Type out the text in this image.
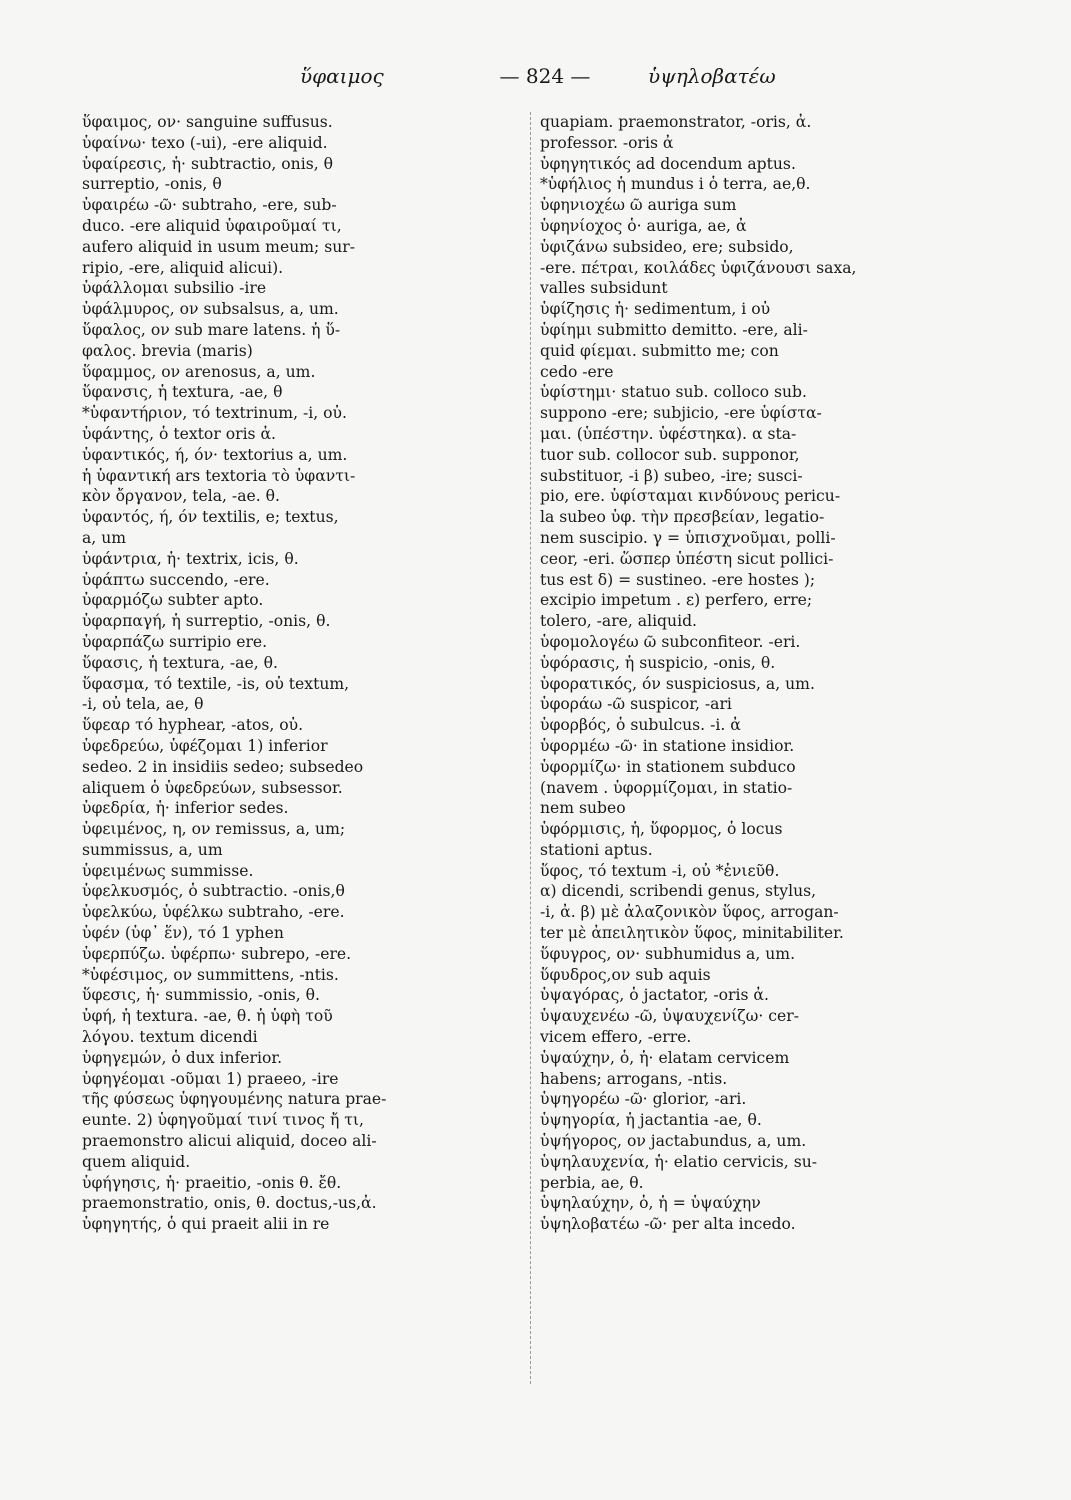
ὕφαιμος	— 824 —	ὑψηλοβατέω
ὕφαιμος, ον· sanguine suffusus.
ὑφαίνω· texo (-ui), -ere aliquid.
ὑφαίρεσις, ἡ· subtractio, onis, θ
surreptio, -onis, θ
ὑφαιρέω -ῶ· subtraho, -ere, sub-
duco. -ere aliquid ὑφαιροῦμαί τι,
aufero aliquid in usum meum; sur-
ripio, -ere, aliquid alicui).
ὑφάλλομαι subsilio -ire
ὑφάλμυρος, ον subsalsus, a, um.
ὕφαλος, ον sub mare latens. ἡ ὕ-
φαλος. brevia (maris)
ὕφαμμος, ον arenosus, a, um.
ὕφανσις, ἡ textura, -ae, θ
*ὑφαντήριον, τό textrinum, -i, οὐ.
ὑφάντης, ὁ textor oris ἀ.
ὑφαντικός, ή, όν· textorius a, um.
ἡ ὑφαντική ars textoria τὸ ὑφαντι-
κὸν ὄργανον, tela, -ae. θ.
ὑφαντός, ή, όν textilis, e; textus,
a, um
ὑφάντρια, ἡ· textrix, icis, θ.
ὑφάπτω succendo, -ere.
ὑφαρμόζω subter apto.
ὑφαρπαγή, ἡ surreptio, -onis, θ.
ὑφαρπάζω surripio ere.
ὕφασις, ἡ textura, -ae, θ.
ὕφασμα, τό textile, -is, οὐ textum,
-i, οὐ tela, ae, θ
ὕφεαρ τό hyphear, -atos, οὐ.
ὑφεδρεύω, ὑφέζομαι 1) inferior
sedeo. 2 in insidiis sedeo; subsedeo
aliquem ὁ ὑφεδρεύων, subsessor.
ὑφεδρία, ἡ· inferior sedes.
ὑφειμένος, η, ον remissus, a, um;
summissus, a, um
ὑφειμένως summisse.
ὑφελκυσμός, ὁ subtractio. -onis,θ
ὑφελκύω, ὑφέλκω subtraho, -ere.
ὑφέν (ὑφ᾽ ἕν), τό 1 yphen
ὑφερπύζω. ὑφέρπω· subrepo, -ere.
*ὑφέσιμος, ον summittens, -ntis.
ὕφεσις, ἡ· summissio, -onis, θ.
ὑφή, ἡ textura. -ae, θ. ἡ ὑφὴ τοῦ
λόγου. textum dicendi
ὑφηγεμών, ὁ dux inferior.
ὑφηγέομαι -οῦμαι 1) praeeo, -ire
τῆς φύσεως ὑφηγουμένης natura prae-
eunte. 2) ὑφηγοῦμαί τινί τινος ἤ τι,
praemonstro alicui aliquid, doceo ali-
quem aliquid.
ὑφήγησις, ἡ· praeitio, -onis θ. ἔθ.
praemonstratio, onis, θ. doctus,-us,ἀ.
ὑφηγητής, ὁ qui praeit alii in re
quapiam. praemonstrator, -oris, ἀ.
professor. -oris ἀ
ὑφηγητικός ad docendum aptus.
*ὑφήλιος ἡ mundus i ὁ terra, ae,θ.
ὑφηνιοχέω ῶ auriga sum
ὑφηνίοχος ὁ· auriga, ae, ἀ
ὑφιζάνω subsideo, ere; subsido,
-ere. πέτραι, κοιλάδες ὑφιζάνουσι saxa,
valles subsidunt
ὑφίζησις ἡ· sedimentum, i οὐ
ὑφίημι submitto demitto. -ere, ali-
quid φίεμαι. submitto me; con
cedo -ere
ὑφίστημι· statuo sub. colloco sub.
suppono -ere; subjicio, -ere ὑφίστα-
μαι. (ὑπέστην. ὑφέστηκα). α sta-
tuor sub. collocor sub. supponor,
substituor, -i β) subeo, -ire; susci-
pio, ere. ὑφίσταμαι κινδύνους pericu-
la subeo ὑφ. τὴν πρεσβείαν, legatio-
nem suscipio. γ = ὑπισχνοῦμαι, polli-
ceor, -eri. ὥσπερ ὑπέστη sicut pollici-
tus est δ) = sustineo. -ere hostes );
excipio impetum . ε) perfero, erre;
tolero, -are, aliquid.
ὑφομολογέω ῶ subconfiteor. -eri.
ὑφόρασις, ἡ suspicio, -onis, θ.
ὑφορατικός, όν suspiciosus, a, um.
ὑφοράω -ῶ suspicor, -ari
ὑφορβός, ὁ subulcus. -i. ἀ
ὑφορμέω -ῶ· in statione insidior.
ὑφορμίζω· in stationem subduco
(navem . ὑφορμίζομαι, in statio-
nem subeo
ὑφόρμισις, ἡ, ὕφορμος, ὁ locus
stationi aptus.
ὕφος, τό textum -i, οὐ *ἐνιεῦθ.
α) dicendi, scribendi genus, stylus,
-i, ἀ. β) μὲ ἀλαζονικὸν ὕφος, arrogan-
ter μὲ ἀπειλητικὸν ὕφος, minitabiliter.
ὕφυγρος, ον· subhumidus a, um.
ὕφυδρος,ον sub aquis
ὑψαγόρας, ὁ jactator, -oris ἀ.
ὑψαυχενέω -ῶ, ὑψαυχενίζω· cer-
vicem effero, -erre.
ὑψαύχην, ὁ, ἡ· elatam cervicem
habens; arrogans, -ntis.
ὑψηγορέω -ῶ· glorior, -ari.
ὑψηγορία, ἡ jactantia -ae, θ.
ὑψήγορος, ον jactabundus, a, um.
ὑψηλαυχενία, ἡ· elatio cervicis, su-
perbia, ae, θ.
ὑψηλαύχην, ὁ, ἡ = ὑψαύχην
ὑψηλοβατέω -ῶ· per alta incedo.
